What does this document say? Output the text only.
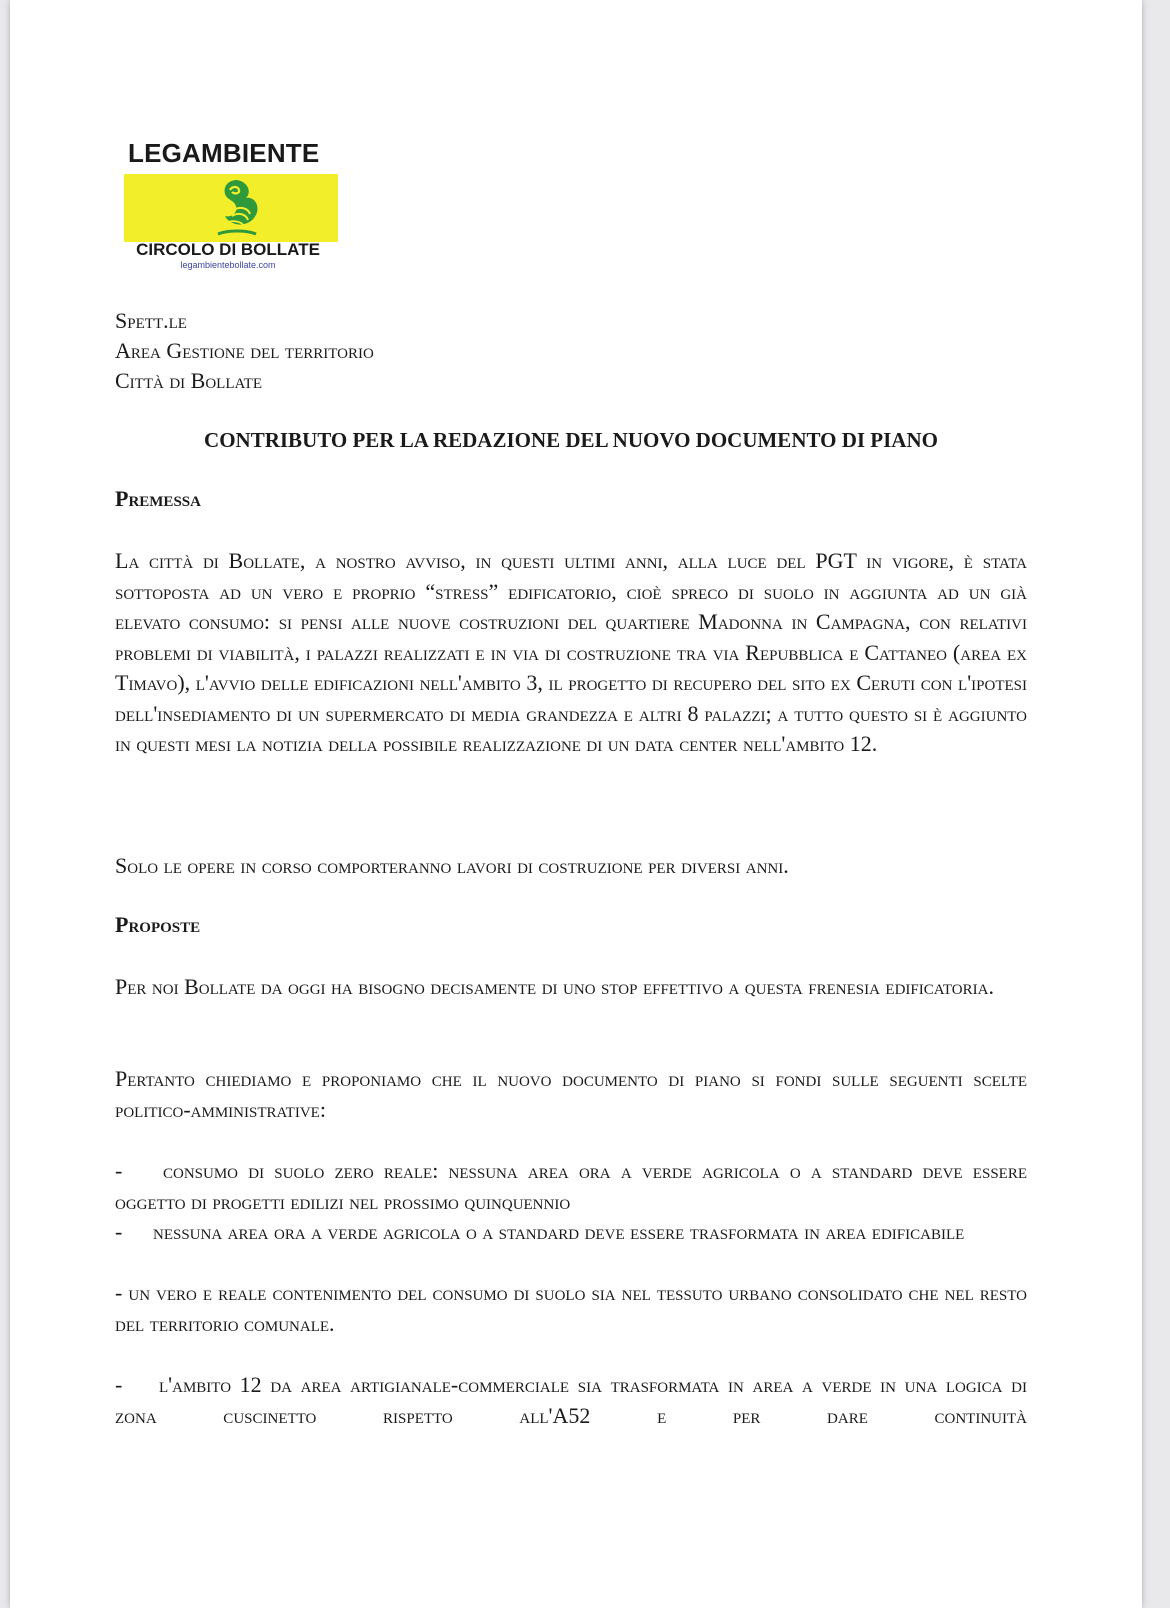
LEGAMBIENTE
CIRCOLO DI BOLLATE
legambientebollate.com
Spett.le
Area Gestione del territorio
Città di Bollate
CONTRIBUTO PER LA REDAZIONE DEL NUOVO DOCUMENTO DI PIANO
Premessa
La città di Bollate, a nostro avviso, in questi ultimi anni, alla luce del PGT in vigore, è stata sottoposta ad un vero e proprio “stress” edificatorio, cioè spreco di suolo in aggiunta ad un già elevato consumo: si pensi alle nuove costruzioni del quartiere Madonna in Campagna, con relativi problemi di viabilità, i palazzi realizzati e in via di costruzione tra via Repubblica e Cattaneo (area ex Timavo), l'avvio delle edificazioni nell'ambito 3, il progetto di recupero del sito ex Ceruti con l'ipotesi dell'insediamento di un supermercato di media grandezza e altri 8 palazzi; a tutto questo si è aggiunto in questi mesi la notizia della possibile realizzazione di un data center nell'ambito 12.
Solo le opere in corso comporteranno lavori di costruzione per diversi anni.
Proposte
Per noi Bollate da oggi ha bisogno decisamente di uno stop effettivo a questa frenesia edificatoria.
Pertanto chiediamo e proponiamo che il nuovo documento di piano si fondi sulle seguenti scelte politico-amministrative:
- consumo di suolo zero reale: nessuna area ora a verde agricola o a standard deve essere oggetto di progetti edilizi nel prossimo quinquennio
- nessuna area ora a verde agricola o a standard deve essere trasformata in area edificabile
- un vero e reale contenimento del consumo di suolo sia nel tessuto urbano consolidato che nel resto del territorio comunale.
- l'ambito 12 da area artigianale-commerciale sia trasformata in area a verde in una logica di zona cuscinetto rispetto all'A52 e per dare continuità
